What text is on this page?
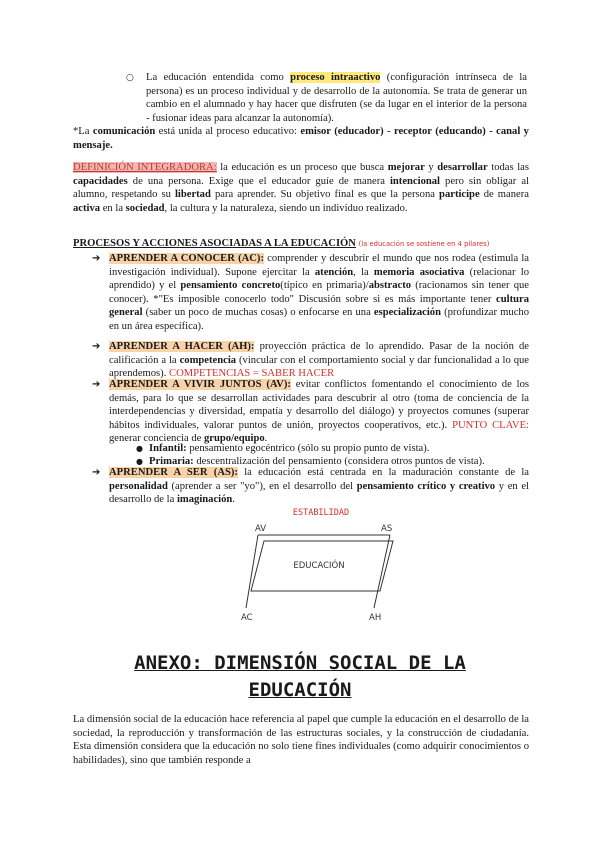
○ La educación entendida como proceso intraactivo (configuración intrínseca de la persona) es un proceso individual y de desarrollo de la autonomía. Se trata de generar un cambio en el alumnado y hay hacer que disfruten (se da lugar en el interior de la persona - fusionar ideas para alcanzar la autonomía).

*La comunicación está unida al proceso educativo: emisor (educador) - receptor (educando) - canal y mensaje.

DEFINICIÓN INTEGRADORA: la educación es un proceso que busca mejorar y desarrollar todas las capacidades de una persona. Exige que el educador guíe de manera intencional pero sin obligar al alumno, respetando su libertad para aprender. Su objetivo final es que la persona participe de manera activa en la sociedad, la cultura y la naturaleza, siendo un individuo realizado.

PROCESOS Y ACCIONES ASOCIADAS A LA EDUCACIÓN (la educación se sostiene en 4 pilares)

➔ APRENDER A CONOCER (AC): comprender y descubrir el mundo que nos rodea (estimula la investigación individual). Supone ejercitar la atención, la memoria asociativa (relacionar lo aprendido) y el pensamiento concreto(típico en primaria)/abstracto (racionamos sin tener que conocer). *"Es imposible conocerlo todo" Discusión sobre si es más importante tener cultura general (saber un poco de muchas cosas) o enfocarse en una especialización (profundizar mucho en un área específica).

➔ APRENDER A HACER (AH): proyección práctica de lo aprendido. Pasar de la noción de calificación a la competencia (vincular con el comportamiento social y dar funcionalidad a lo que aprendemos). COMPETENCIAS = SABER HACER

➔ APRENDER A VIVIR JUNTOS (AV): evitar conflictos fomentando el conocimiento de los demás, para lo que se desarrollan actividades para descubrir al otro (toma de conciencia de la interdependencias y diversidad, empatía y desarrollo del diálogo) y proyectos comunes (superar hábitos individuales, valorar puntos de unión, proyectos cooperativos, etc.). PUNTO CLAVE: generar conciencia de grupo/equipo.

● Infantil: pensamiento egocéntrico (sólo su propio punto de vista).

● Primaria: descentralización del pensamiento (considera otros puntos de vista).

➔ APRENDER A SER (AS): la educación está centrada en la maduración constante de la personalidad (aprender a ser "yo"), en el desarrollo del pensamiento crítico y creativo y en el desarrollo de la imaginación.

ESTABILIDAD
AV	AS
EDUCACIÓN
AC	AH

ANEXO: DIMENSIÓN SOCIAL DE LA
EDUCACIÓN

La dimensión social de la educación hace referencia al papel que cumple la educación en el desarrollo de la sociedad, la reproducción y transformación de las estructuras sociales, y la construcción de ciudadanía. Esta dimensión considera que la educación no solo tiene fines individuales (como adquirir conocimientos o habilidades), sino que también responde a
